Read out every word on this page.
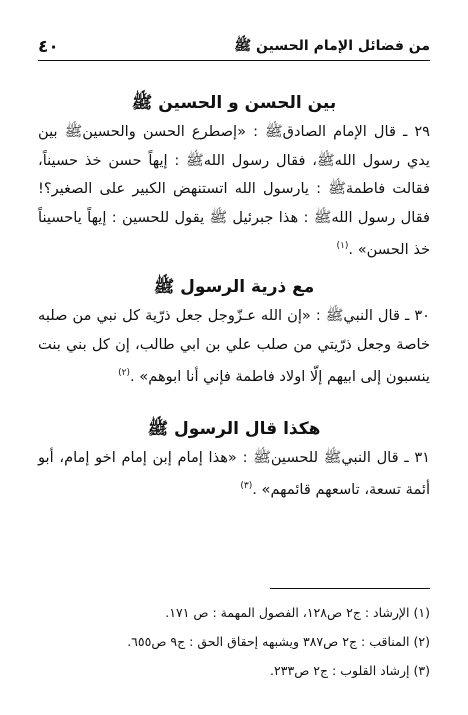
من فضائل الإمام الحسين ﷺ
٤٠
بين الحسن و الحسين ﷺ

٢٩ ـ قال الإمام الصادقﷺ : «إصطرع الحسن والحسينﷺ بين يدي رسول اللهﷺ، فقال رسول اللهﷺ : إيهاً حسن خذ حسيناً، فقالت فاطمةﷺ : يارسول الله اتستنهض الكبير على الصغير؟! فقال رسول اللهﷺ : هذا جبرئيل ﷺ يقول للحسين : إيهاً ياحسيناً خذ الحسن» .$^{(١)}$

مع ذرية الرسول ﷺ

٣٠ ـ قال النبيﷺ : «إن الله عـزّوجل جعل ذرّية كل نبي من صلبه خاصة وجعل ذرّيتي من صلب علي بن ابي طالب، إن كل بني بنت ينسبون إلى ابيهم إلّا اولاد فاطمة فإني أنا ابوهم» .$^{(٢)}$

هكذا قال الرسول ﷺ

٣١ ـ قال النبيﷺ للحسينﷺ : «هذا إمام إبن إمام اخو إمام، أبو أئمة تسعة، تاسعهم قائمهم» .$^{(٣)}$

(١) الإرشاد : ج٢ ص١٢٨، الفصول المهمة : ص ١٧١.

(٢) المناقب : ج٢ ص٣٨٧ ويشبهه إحقاق الحق : ج٩ ص٦٥٥.

(٣) إرشاد القلوب : ج٢ ص٢٣٣.
